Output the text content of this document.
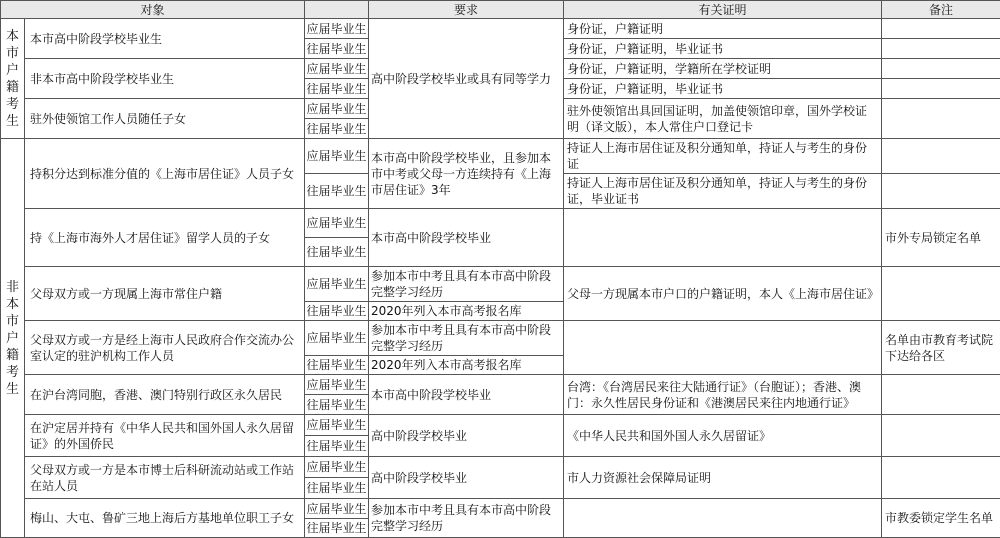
对象			要求	有关证明	备注
本市户籍考生	本市高中阶段学校毕业生	应届毕业生	高中阶段学校毕业或具有同等学力	身份证，户籍证明	
		往届毕业生		身份证，户籍证明，毕业证书	
	非本市高中阶段学校毕业生	应届毕业生		身份证，户籍证明，学籍所在学校证明	
		往届毕业生		身份证，户籍证明，毕业证书	
	驻外使领馆工作人员随任子女	应届毕业生		驻外使领馆出具回国证明，加盖使领馆印章，国外学校证明（译文版），本人常住户口登记卡	
		往届毕业生			
非本市户籍考生	持积分达到标准分值的《上海市居住证》人员子女	应届毕业生	本市高中阶段学校毕业，且参加本市中考或父母一方连续持有《上海市居住证》3年	持证人上海市居住证及积分通知单，持证人与考生的身份证	
		往届毕业生		持证人上海市居住证及积分通知单，持证人与考生的身份证，毕业证书	
	持《上海市海外人才居住证》留学人员的子女	应届毕业生	本市高中阶段学校毕业		市外专局锁定名单
		往届毕业生			
	父母双方或一方现属上海市常住户籍	应届毕业生	参加本市中考且具有本市高中阶段完整学习经历	父母一方现属本市户口的户籍证明，本人《上海市居住证》	
		往届毕业生	2020年列入本市高考报名库		
	父母双方或一方是经上海市人民政府合作交流办公室认定的驻沪机构工作人员	应届毕业生	参加本市中考且具有本市高中阶段完整学习经历		名单由市教育考试院下达给各区
		往届毕业生	2020年列入本市高考报名库		
	在沪台湾同胞，香港、澳门特别行政区永久居民	应届毕业生	本市高中阶段学校毕业	台湾：《台湾居民来往大陆通行证》（台胞证）；香港、澳门：永久性居民身份证和《港澳居民来往内地通行证》	
		往届毕业生			
	在沪定居并持有《中华人民共和国外国人永久居留证》的外国侨民	应届毕业生	高中阶段学校毕业	《中华人民共和国外国人永久居留证》	
		往届毕业生			
	父母双方或一方是本市博士后科研流动站或工作站在站人员	应届毕业生	高中阶段学校毕业	市人力资源社会保障局证明	
		往届毕业生			
	梅山、大屯、鲁矿三地上海后方基地单位职工子女	应届毕业生	参加本市中考且具有本市高中阶段完整学习经历		市教委锁定学生名单
		往届毕业生			
